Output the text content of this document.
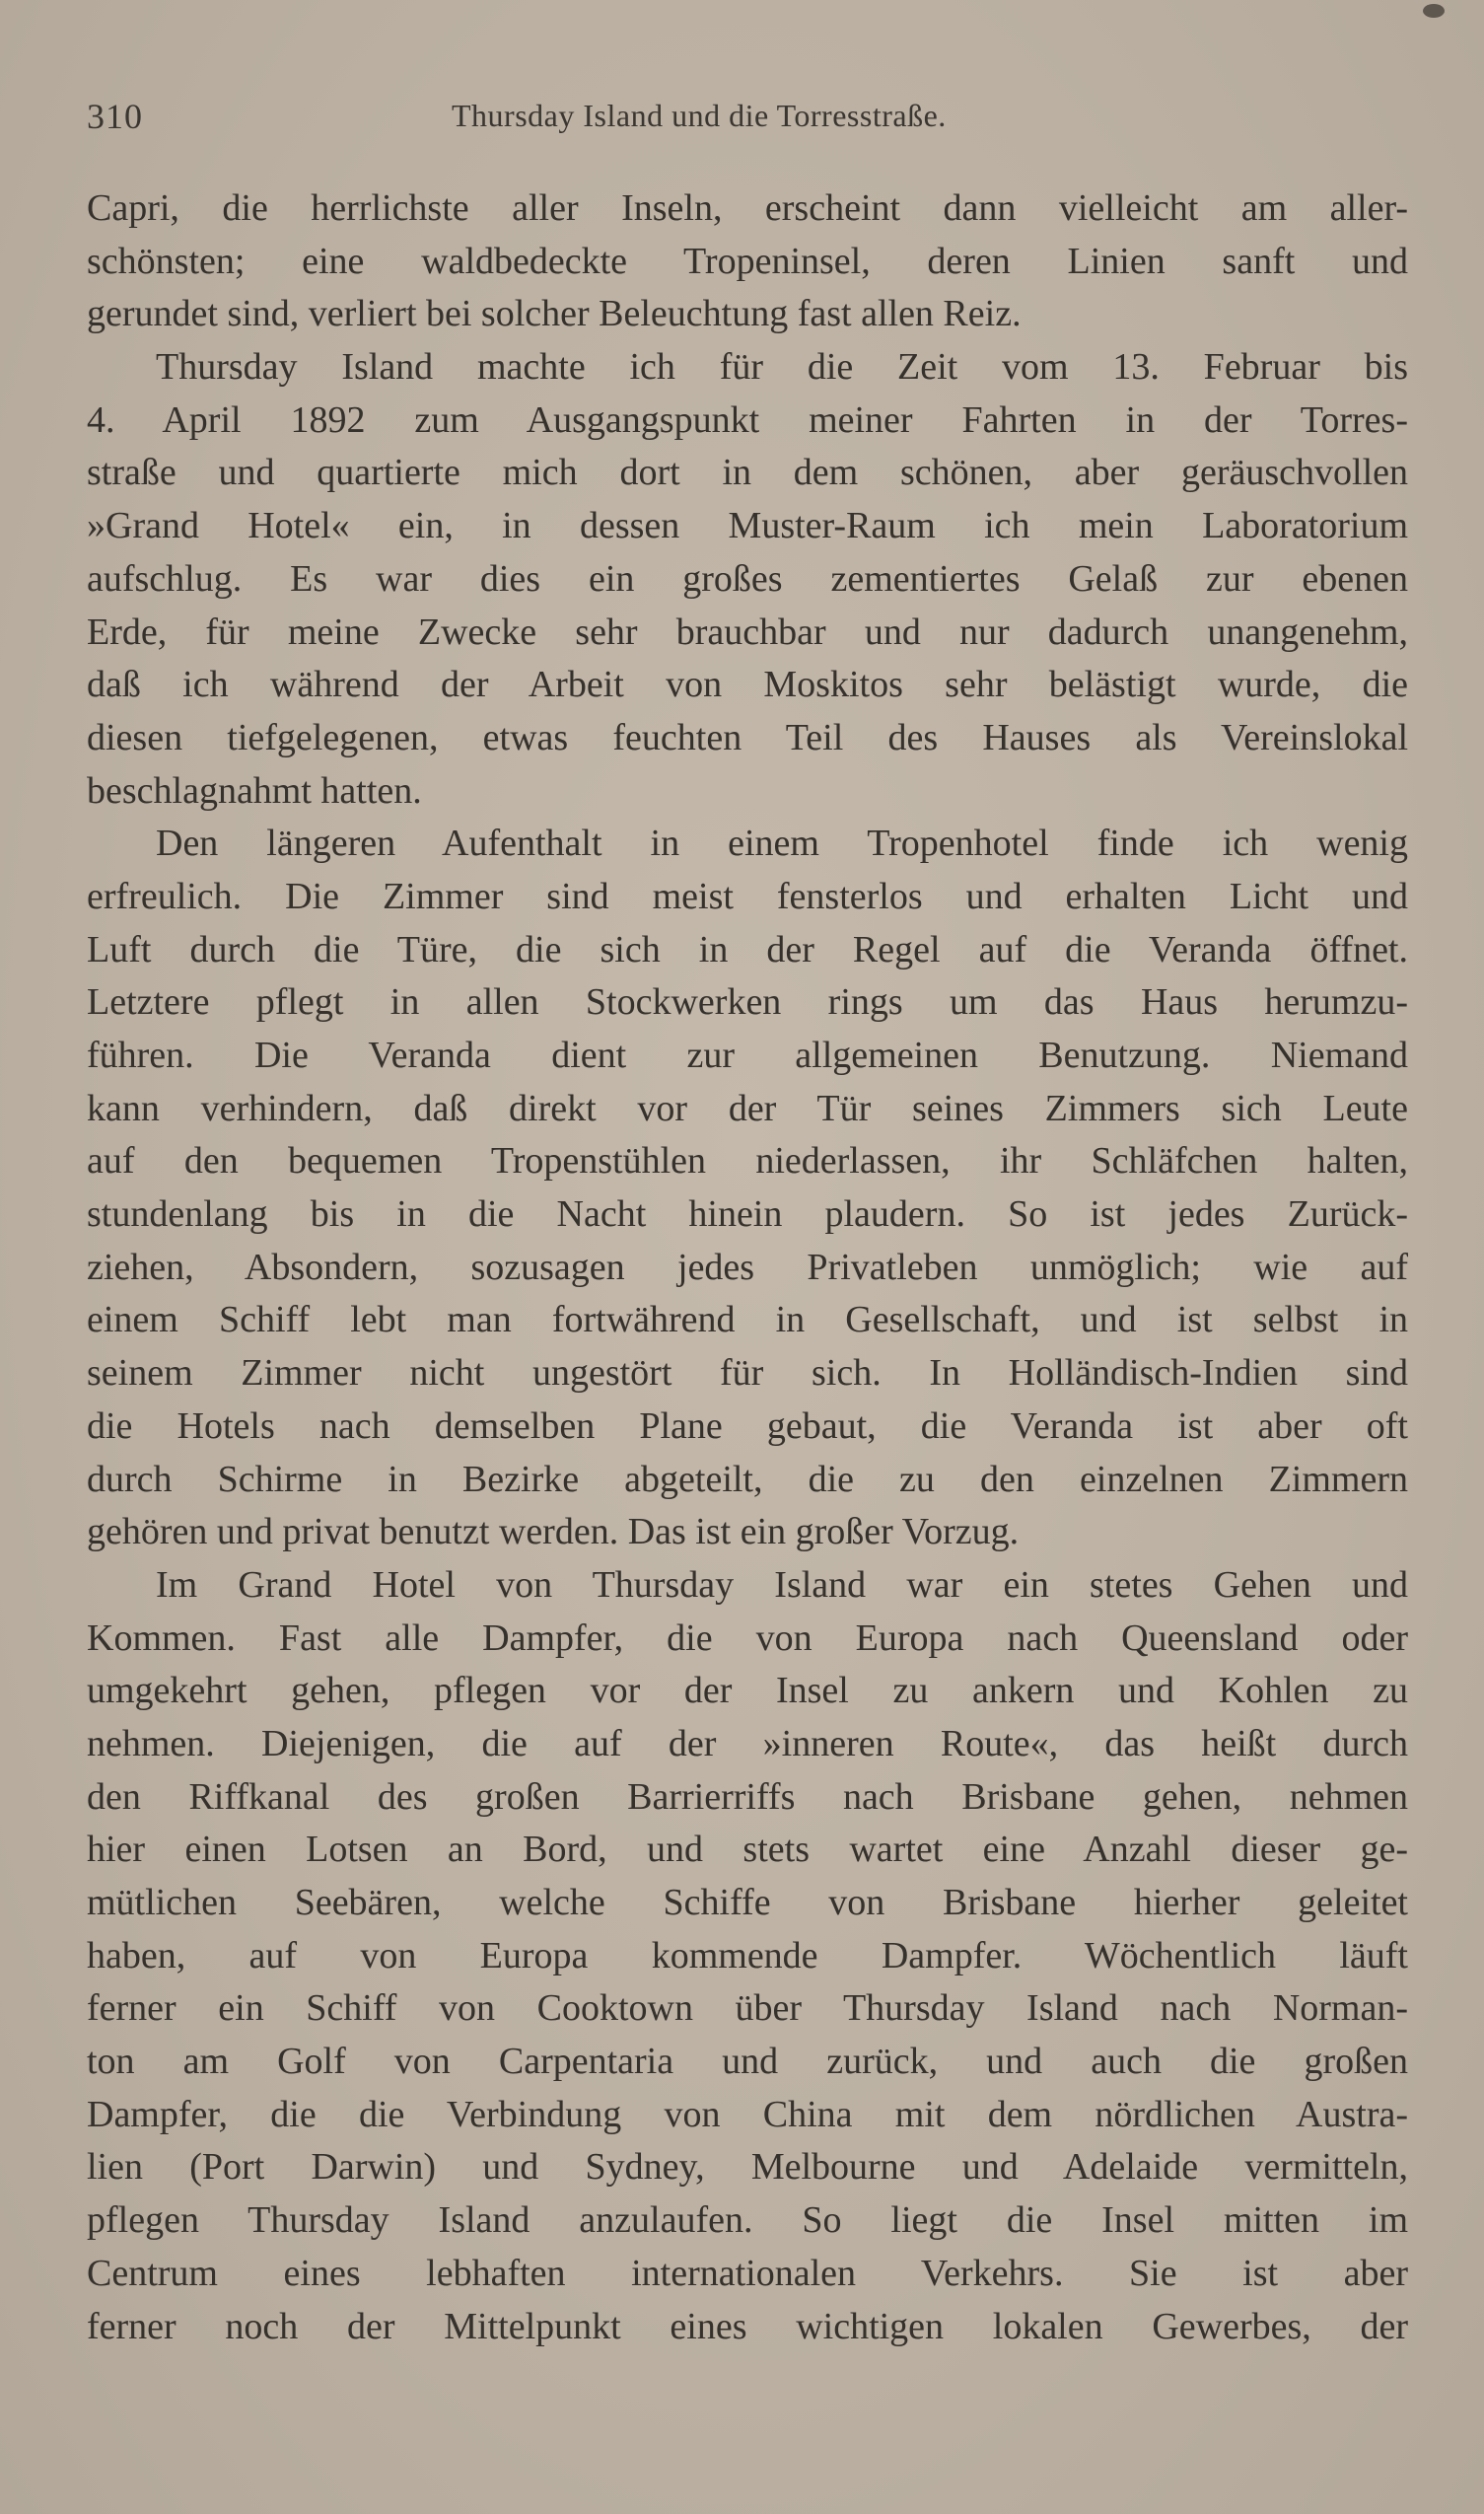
310	Thursday Island und die Torresstraße.
Capri, die herrlichste aller Inseln, erscheint dann vielleicht am aller-
schönsten; eine waldbedeckte Tropeninsel, deren Linien sanft und
gerundet sind, verliert bei solcher Beleuchtung fast allen Reiz.
Thursday Island machte ich für die Zeit vom 13. Februar bis
4. April 1892 zum Ausgangspunkt meiner Fahrten in der Torres-
straße und quartierte mich dort in dem schönen, aber geräuschvollen
»Grand Hotel« ein, in dessen Muster-Raum ich mein Laboratorium
aufschlug. Es war dies ein großes zementiertes Gelaß zur ebenen
Erde, für meine Zwecke sehr brauchbar und nur dadurch unangenehm,
daß ich während der Arbeit von Moskitos sehr belästigt wurde, die
diesen tiefgelegenen, etwas feuchten Teil des Hauses als Vereinslokal
beschlagnahmt hatten.
Den längeren Aufenthalt in einem Tropenhotel finde ich wenig
erfreulich. Die Zimmer sind meist fensterlos und erhalten Licht und
Luft durch die Türe, die sich in der Regel auf die Veranda öffnet.
Letztere pflegt in allen Stockwerken rings um das Haus herumzu-
führen. Die Veranda dient zur allgemeinen Benutzung. Niemand
kann verhindern, daß direkt vor der Tür seines Zimmers sich Leute
auf den bequemen Tropenstühlen niederlassen, ihr Schläfchen halten,
stundenlang bis in die Nacht hinein plaudern. So ist jedes Zurück-
ziehen, Absondern, sozusagen jedes Privatleben unmöglich; wie auf
einem Schiff lebt man fortwährend in Gesellschaft, und ist selbst in
seinem Zimmer nicht ungestört für sich. In Holländisch-Indien sind
die Hotels nach demselben Plane gebaut, die Veranda ist aber oft
durch Schirme in Bezirke abgeteilt, die zu den einzelnen Zimmern
gehören und privat benutzt werden. Das ist ein großer Vorzug.
Im Grand Hotel von Thursday Island war ein stetes Gehen und
Kommen. Fast alle Dampfer, die von Europa nach Queensland oder
umgekehrt gehen, pflegen vor der Insel zu ankern und Kohlen zu
nehmen. Diejenigen, die auf der »inneren Route«, das heißt durch
den Riffkanal des großen Barrierriffs nach Brisbane gehen, nehmen
hier einen Lotsen an Bord, und stets wartet eine Anzahl dieser ge-
mütlichen Seebären, welche Schiffe von Brisbane hierher geleitet
haben, auf von Europa kommende Dampfer. Wöchentlich läuft
ferner ein Schiff von Cooktown über Thursday Island nach Norman-
ton am Golf von Carpentaria und zurück, und auch die großen
Dampfer, die die Verbindung von China mit dem nördlichen Austra-
lien (Port Darwin) und Sydney, Melbourne und Adelaide vermitteln,
pflegen Thursday Island anzulaufen. So liegt die Insel mitten im
Centrum eines lebhaften internationalen Verkehrs. Sie ist aber
ferner noch der Mittelpunkt eines wichtigen lokalen Gewerbes, der
